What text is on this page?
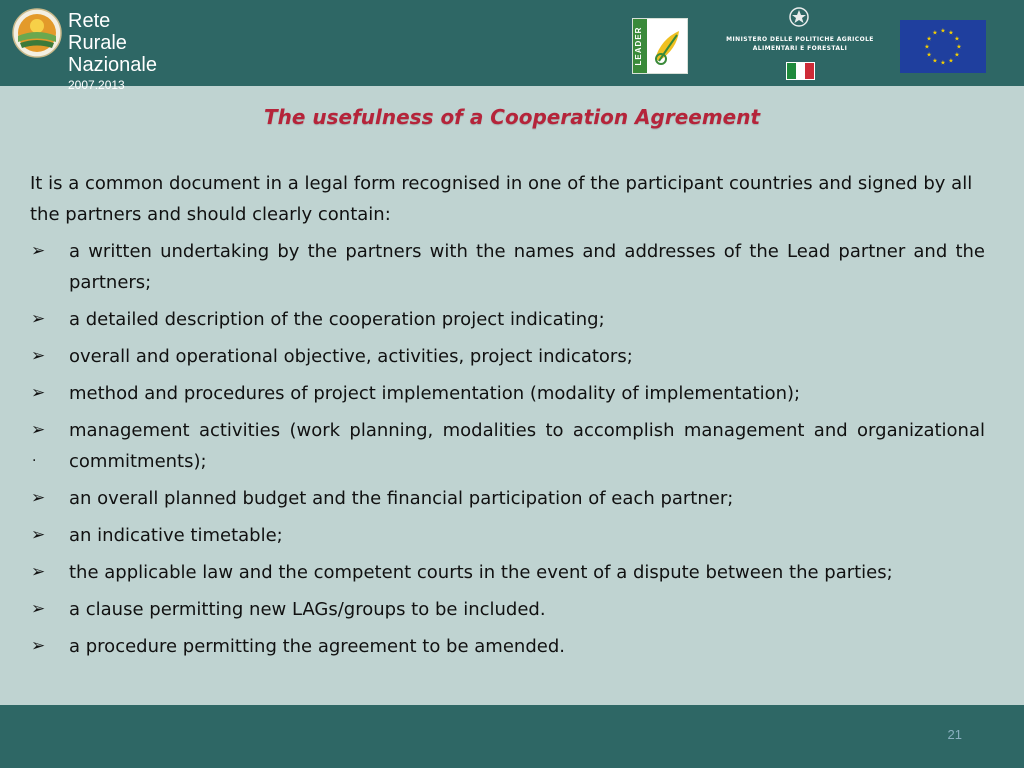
Rete Rurale
Nazionale
2007.2013
LEADER	MINISTERO DELLE POLITICHE AGRICOLE
ALIMENTARI E FORESTALI
★ ★
★
★
★
★
★
★
★
★
★
★
The usefulness of a Cooperation Agreement

It is a common document in a legal form recognised in one of the participant countries and signed by all the partners and should clearly contain:

➢	a written undertaking by the partners with the names and addresses of the Lead partner and the partners;
➢	a detailed description of the cooperation project indicating;
➢	overall and operational objective, activities, project indicators;
➢	method and procedures of project implementation (modality of implementation);
➢
·
management activities (work planning, modalities to accomplish management and organizational commitments);
➢	an overall planned budget and the financial participation of each partner;
➢	an indicative timetable;
➢	the applicable law and the competent courts in the event of a dispute between the parties;
➢	a clause permitting new LAGs/groups to be included.
➢	a procedure permitting the agreement to be amended.
21
